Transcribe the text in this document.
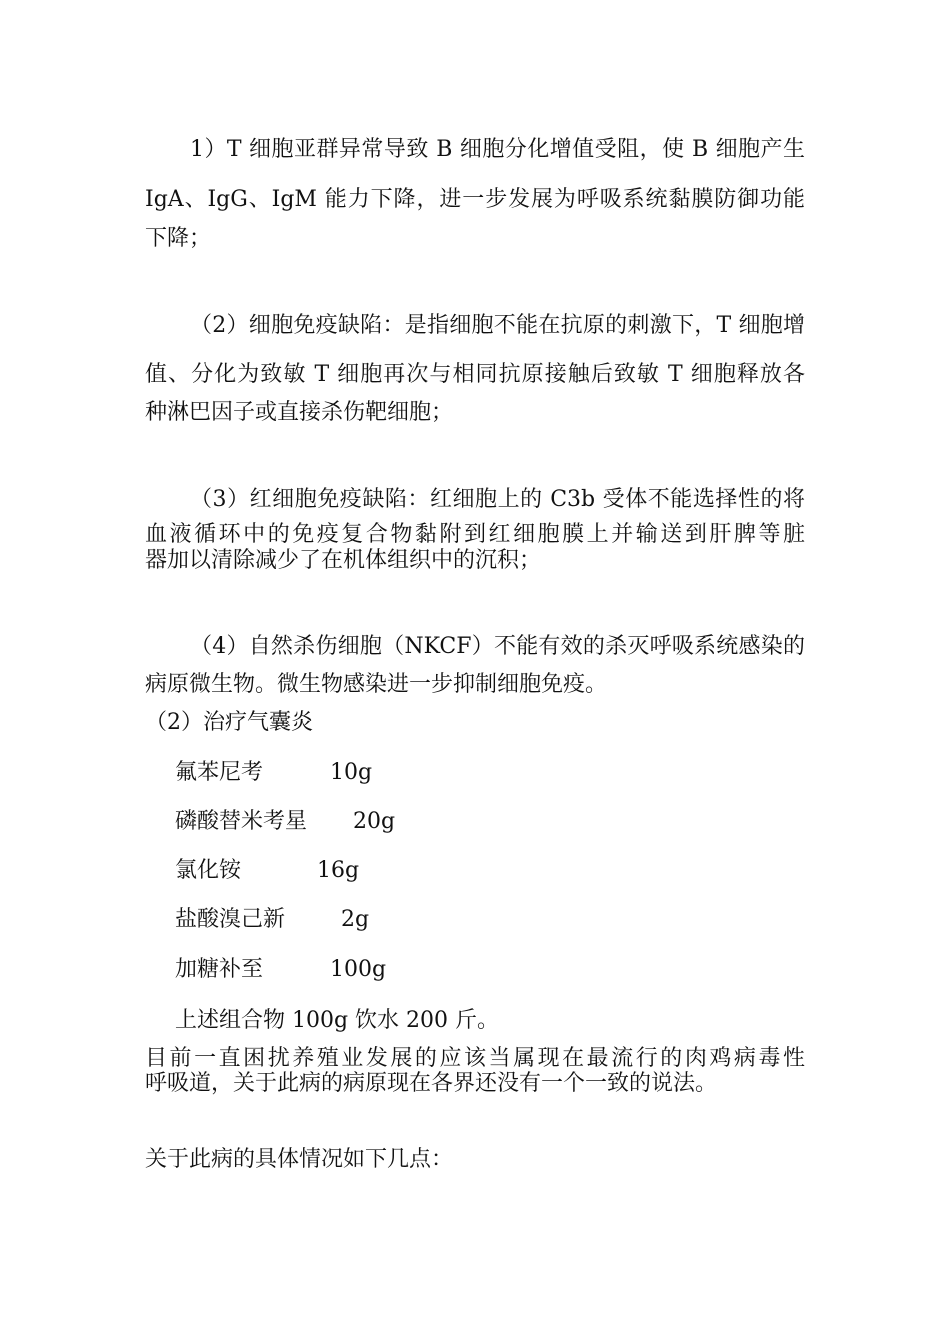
1）T 细胞亚群异常导致 B 细胞分化增值受阻，使 B 细胞产生
IgA、IgG、IgM 能力下降，进一步发展为呼吸系统黏膜防御功能
下降；
（2）细胞免疫缺陷：是指细胞不能在抗原的刺激下，T 细胞增
值、分化为致敏 T 细胞再次与相同抗原接触后致敏 T 细胞释放各
种淋巴因子或直接杀伤靶细胞；
（3）红细胞免疫缺陷：红细胞上的 C3b 受体不能选择性的将
血液循环中的免疫复合物黏附到红细胞膜上并输送到肝脾等脏
器加以清除减少了在机体组织中的沉积；
（4）自然杀伤细胞（NKCF）不能有效的杀灭呼吸系统感染的
病原微生物。微生物感染进一步抑制细胞免疫。
（2）治疗气囊炎
氟苯尼考	10g
磷酸替米考星 20g
氯化铵	16g
盐酸溴己新	2g
加糖补至	100g
上述组合物 100g 饮水 200 斤。
目前一直困扰养殖业发展的应该当属现在最流行的肉鸡病毒性
呼吸道，关于此病的病原现在各界还没有一个一致的说法。
关于此病的具体情况如下几点：
